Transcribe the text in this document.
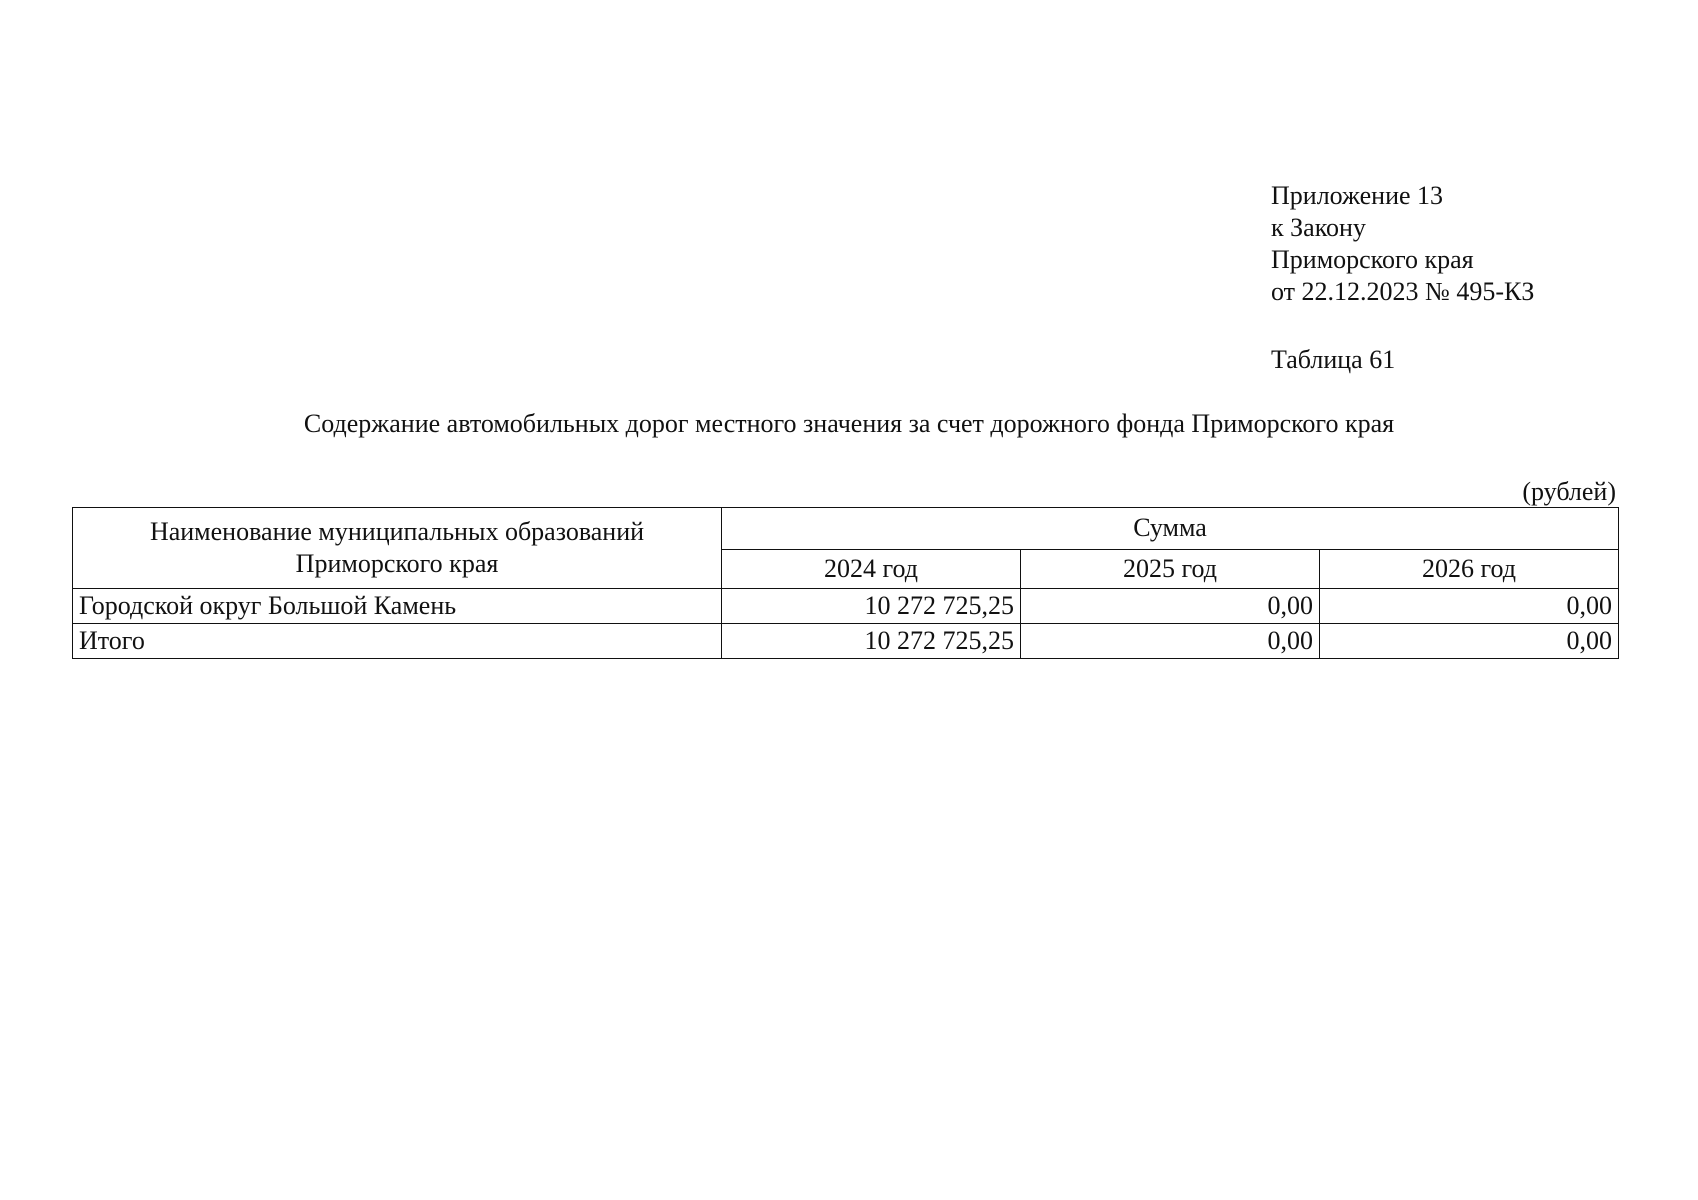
Приложение 13
к Закону
Приморского края
от 22.12.2023 № 495-КЗ
Таблица 61
Содержание автомобильных дорог местного значения за счет дорожного фонда Приморского края
(рублей)
Наименование муниципальных образований
Приморского края	Сумма		
	2024 год	2025 год	2026 год
Городской округ Большой Камень	10 272 725,25	0,00	0,00
Итого	10 272 725,25	0,00	0,00
